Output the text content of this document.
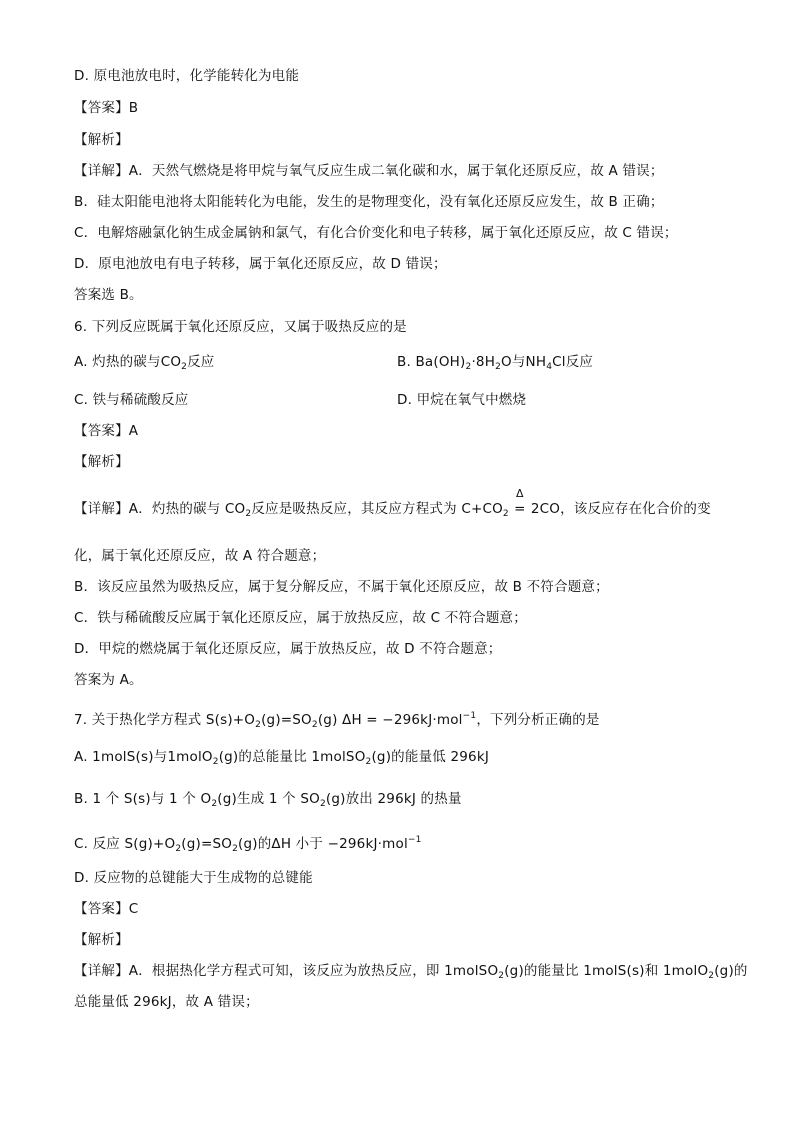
D. 原电池放电时，化学能转化为电能
【答案】B
【解析】
【详解】A．天然气燃烧是将甲烷与氧气反应生成二氧化碳和水，属于氧化还原反应，故 A 错误；
B．硅太阳能电池将太阳能转化为电能，发生的是物理变化，没有氧化还原反应发生，故 B 正确；
C．电解熔融氯化钠生成金属钠和氯气，有化合价变化和电子转移，属于氧化还原反应，故 C 错误；
D．原电池放电有电子转移，属于氧化还原反应，故 D 错误；
答案选 B。
6. 下列反应既属于氧化还原反应，又属于吸热反应的是
A. 灼热的碳与$CO_2$反应	B. $Ba(OH)_2\cdot 8H_2O$与$NH_4Cl$反应
C. 铁与稀硫酸反应	D. 甲烷在氧气中燃烧
【答案】A
【解析】
【详解】A．灼热的碳与 $CO_2$反应是吸热反应，其反应方程式为 $C+CO_2$
Δ
= 2CO，该反应存在化合价的变
化，属于氧化还原反应，故 A 符合题意；
B．该反应虽然为吸热反应，属于复分解反应，不属于氧化还原反应，故 B 不符合题意；
C．铁与稀硫酸反应属于氧化还原反应，属于放热反应，故 C 不符合题意；
D．甲烷的燃烧属于氧化还原反应，属于放热反应，故 D 不符合题意；
答案为 A。
7. 关于热化学方程式 $S(s)+O_2(g)=SO_2(g) \Delta H = -296kJ\cdot mol^{-1}$，下列分析正确的是
A. 1molS(s)与1molO$_2$(g)的总能量比 1molSO$_2$(g)的能量低 296kJ
B. 1 个 S(s)与 1 个 $O_2(g)$生成 1 个 $SO_2(g)$放出 296kJ 的热量
C. 反应 $S(g)+O_2(g)=SO_2(g)$的ΔH 小于 −296kJ·mol$^{-1}$
D. 反应物的总键能大于生成物的总键能
【答案】C
【解析】
【详解】A．根据热化学方程式可知，该反应为放热反应，即 1molSO$_2$(g)的能量比 1molS(s)和 1molO$_2$(g)的
总能量低 296kJ，故 A 错误；
